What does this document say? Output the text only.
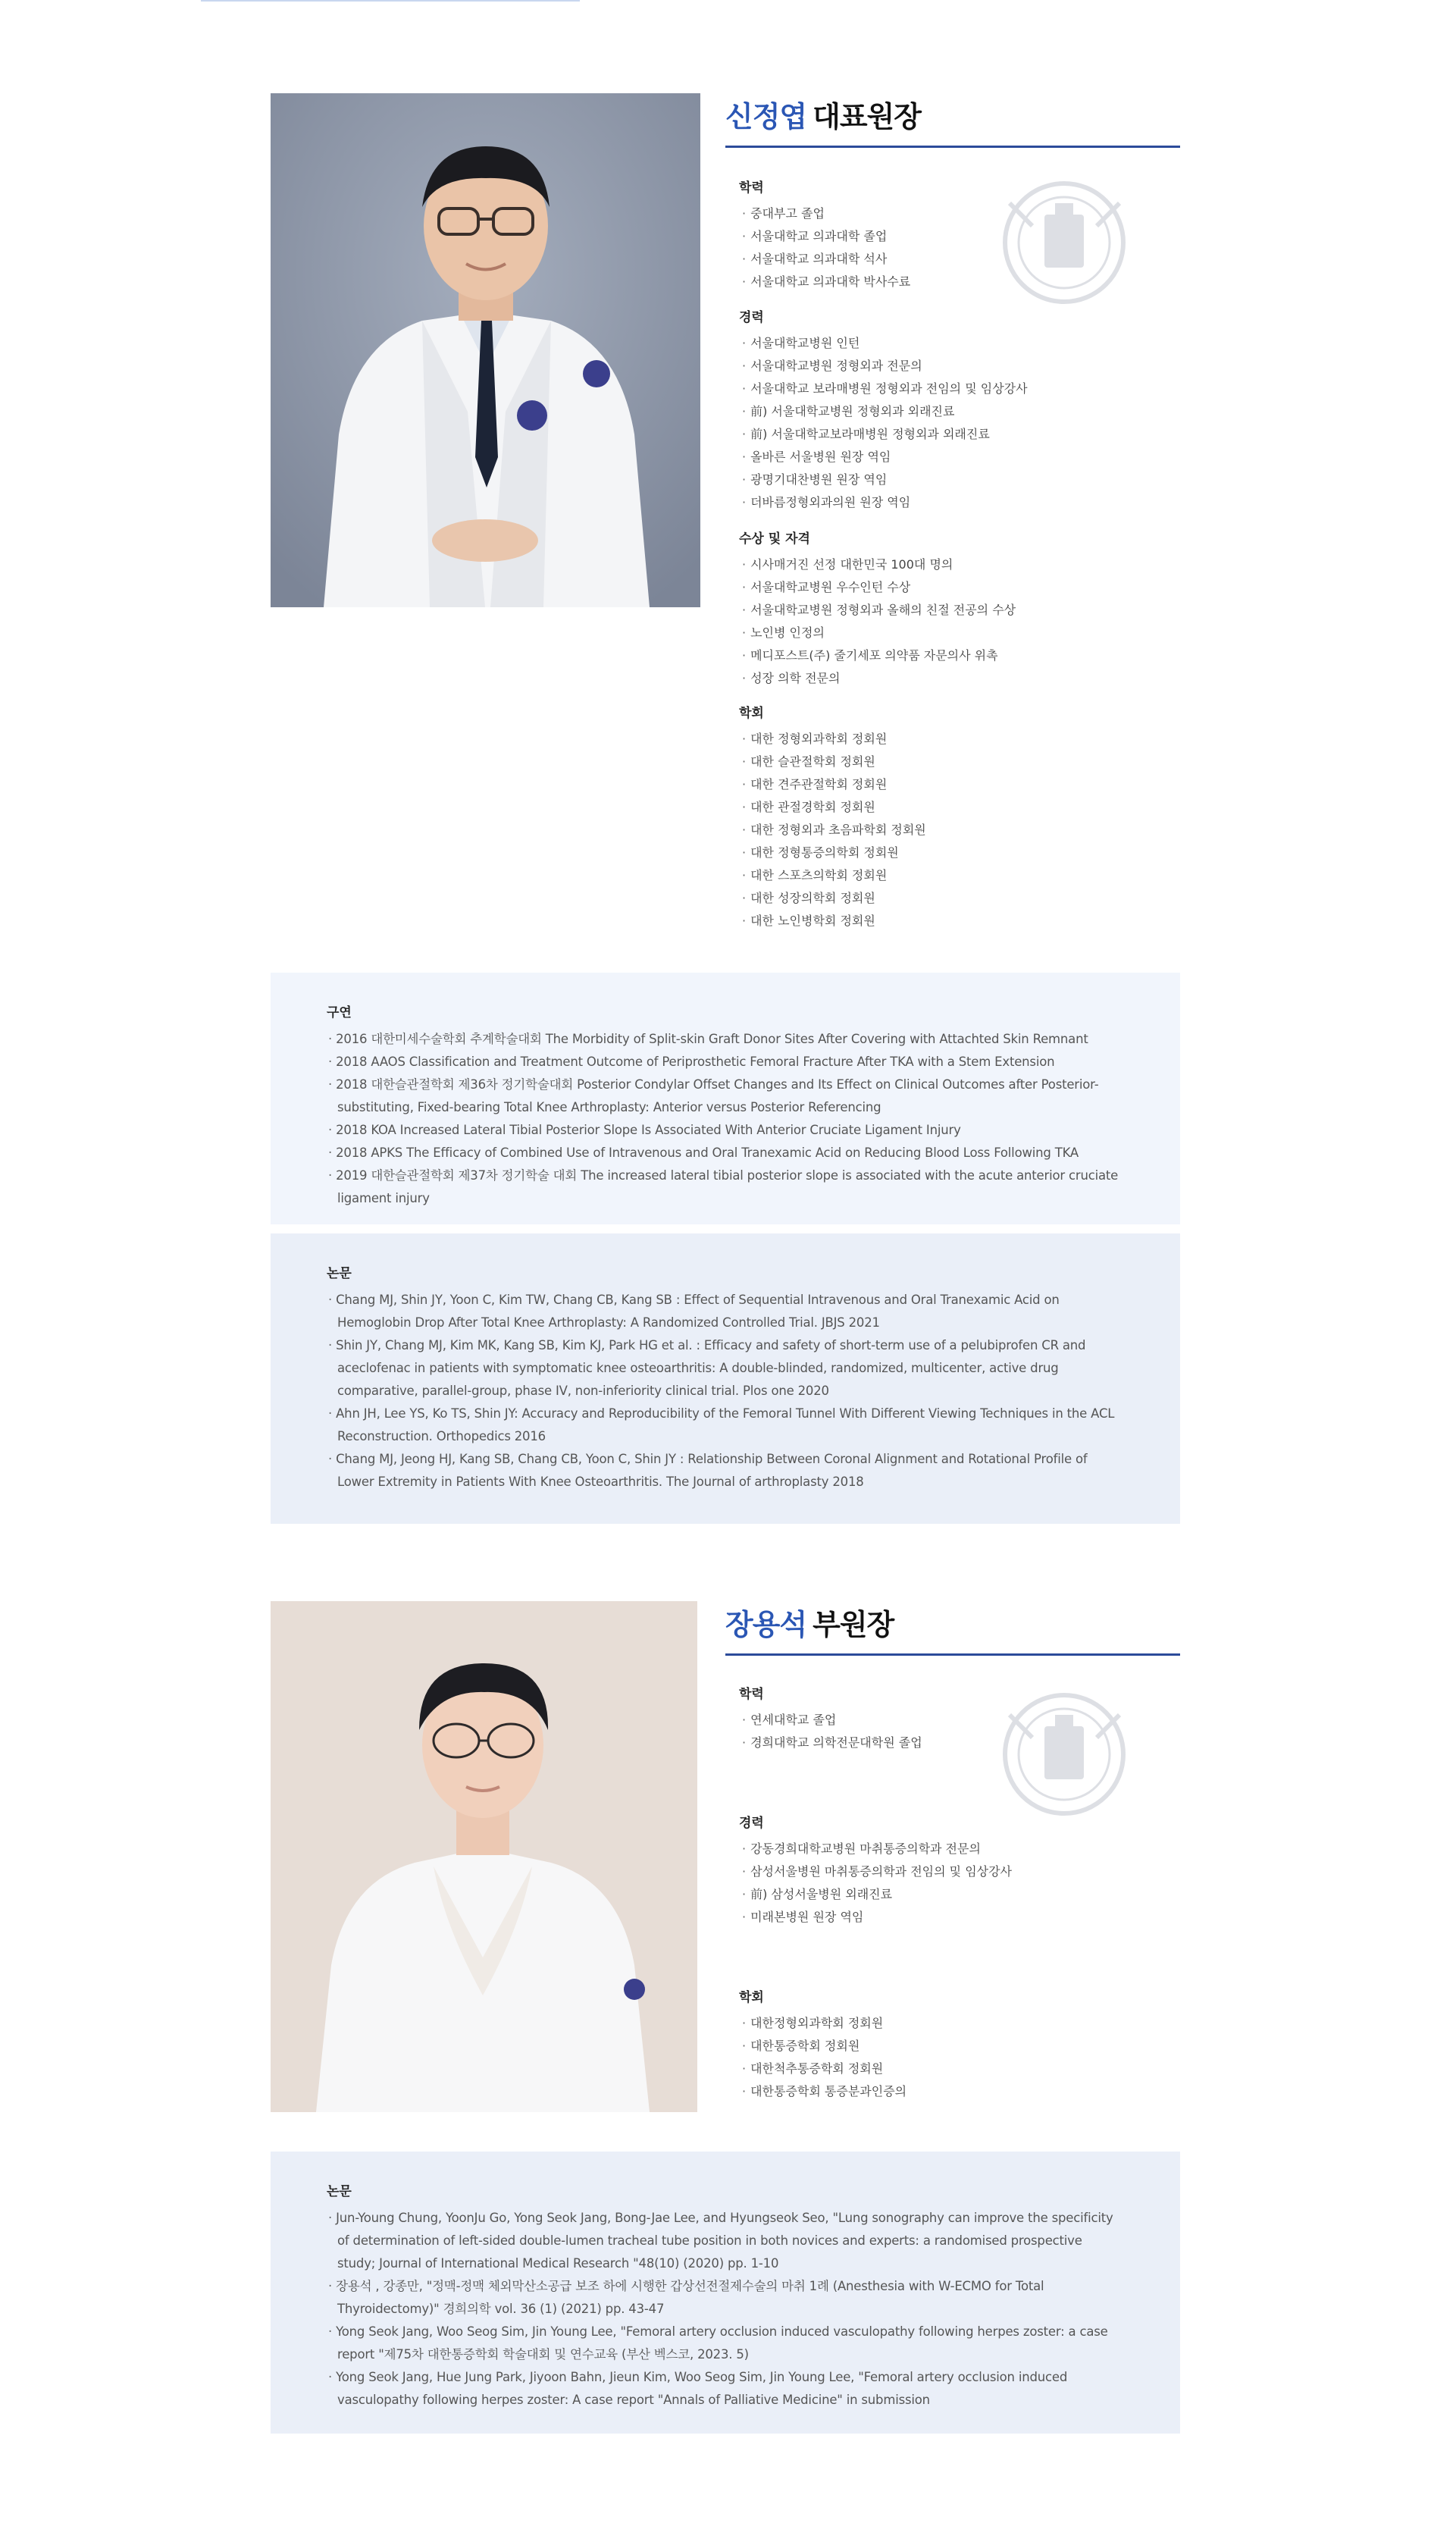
신정엽 대표원장
학력
· 중대부고 졸업
· 서울대학교 의과대학 졸업
· 서울대학교 의과대학 석사
· 서울대학교 의과대학 박사수료
경력
· 서울대학교병원 인턴
· 서울대학교병원 정형외과 전문의
· 서울대학교 보라매병원 정형외과 전임의 및 임상강사
· 前) 서울대학교병원 정형외과 외래진료
· 前) 서울대학교보라매병원 정형외과 외래진료
· 올바른 서울병원 원장 역임
· 광명기대찬병원 원장 역임
· 더바름정형외과의원 원장 역임
수상 및 자격
· 시사매거진 선정 대한민국 100대 명의
· 서울대학교병원 우수인턴 수상
· 서울대학교병원 정형외과 올해의 친절 전공의 수상
· 노인병 인정의
· 메디포스트(주) 줄기세포 의약품 자문의사 위촉
· 성장 의학 전문의
학회
· 대한 정형외과학회 정회원
· 대한 슬관절학회 정회원
· 대한 견주관절학회 정회원
· 대한 관절경학회 정회원
· 대한 정형외과 초음파학회 정회원
· 대한 정형통증의학회 정회원
· 대한 스포츠의학회 정회원
· 대한 성장의학회 정회원
· 대한 노인병학회 정회원
구연
· 2016 대한미세수술학회 추계학술대회 The Morbidity of Split-skin Graft Donor Sites After Covering with Attachted Skin Remnant
· 2018 AAOS Classification and Treatment Outcome of Periprosthetic Femoral Fracture After TKA with a Stem Extension
· 2018 대한슬관절학회 제36차 정기학술대회 Posterior Condylar Offset Changes and Its Effect on Clinical Outcomes after Posterior-substituting, Fixed-bearing Total Knee Arthroplasty: Anterior versus Posterior Referencing
· 2018 KOA Increased Lateral Tibial Posterior Slope Is Associated With Anterior Cruciate Ligament Injury
· 2018 APKS The Efficacy of Combined Use of Intravenous and Oral Tranexamic Acid on Reducing Blood Loss Following TKA
· 2019 대한슬관절학회 제37차 정기학술 대회 The increased lateral tibial posterior slope is associated with the acute anterior cruciate ligament injury
논문
· Chang MJ, Shin JY, Yoon C, Kim TW, Chang CB, Kang SB : Effect of Sequential Intravenous and Oral Tranexamic Acid on Hemoglobin Drop After Total Knee Arthroplasty: A Randomized Controlled Trial. JBJS 2021
· Shin JY, Chang MJ, Kim MK, Kang SB, Kim KJ, Park HG et al. : Efficacy and safety of short-term use of a pelubiprofen CR and aceclofenac in patients with symptomatic knee osteoarthritis: A double-blinded, randomized, multicenter, active drug comparative, parallel-group, phase IV, non-inferiority clinical trial. Plos one 2020
· Ahn JH, Lee YS, Ko TS, Shin JY: Accuracy and Reproducibility of the Femoral Tunnel With Different Viewing Techniques in the ACL Reconstruction. Orthopedics 2016
· Chang MJ, Jeong HJ, Kang SB, Chang CB, Yoon C, Shin JY : Relationship Between Coronal Alignment and Rotational Profile of Lower Extremity in Patients With Knee Osteoarthritis. The Journal of arthroplasty 2018
장용석 부원장
학력
· 연세대학교 졸업
· 경희대학교 의학전문대학원 졸업
경력
· 강동경희대학교병원 마취통증의학과 전문의
· 삼성서울병원 마취통증의학과 전임의 및 임상강사
· 前) 삼성서울병원 외래진료
· 미래본병원 원장 역임
학회
· 대한정형외과학회 정회원
· 대한통증학회 정회원
· 대한척추통증학회 정회원
· 대한통증학회 통증분과인증의
논문
· Jun-Young Chung, YoonJu Go, Yong Seok Jang, Bong-Jae Lee, and Hyungseok Seo, "Lung sonography can improve the specificity of determination of left-sided double-lumen tracheal tube position in both novices and experts: a randomised prospective study; Journal of International Medical Research "48(10) (2020) pp. 1-10
· 장용석 , 강종만, "정맥-정맥 체외막산소공급 보조 하에 시행한 갑상선전절제수술의 마취 1례 (Anesthesia with W-ECMO for Total Thyroidectomy)" 경희의학 vol. 36 (1) (2021) pp. 43-47
· Yong Seok Jang, Woo Seog Sim, Jin Young Lee, "Femoral artery occlusion induced vasculopathy following herpes zoster: a case report "제75차 대한통증학회 학술대회 및 연수교육 (부산 벡스코, 2023. 5)
· Yong Seok Jang, Hue Jung Park, Jiyoon Bahn, Jieun Kim, Woo Seog Sim, Jin Young Lee, "Femoral artery occlusion induced vasculopathy following herpes zoster: A case report "Annals of Palliative Medicine" in submission
